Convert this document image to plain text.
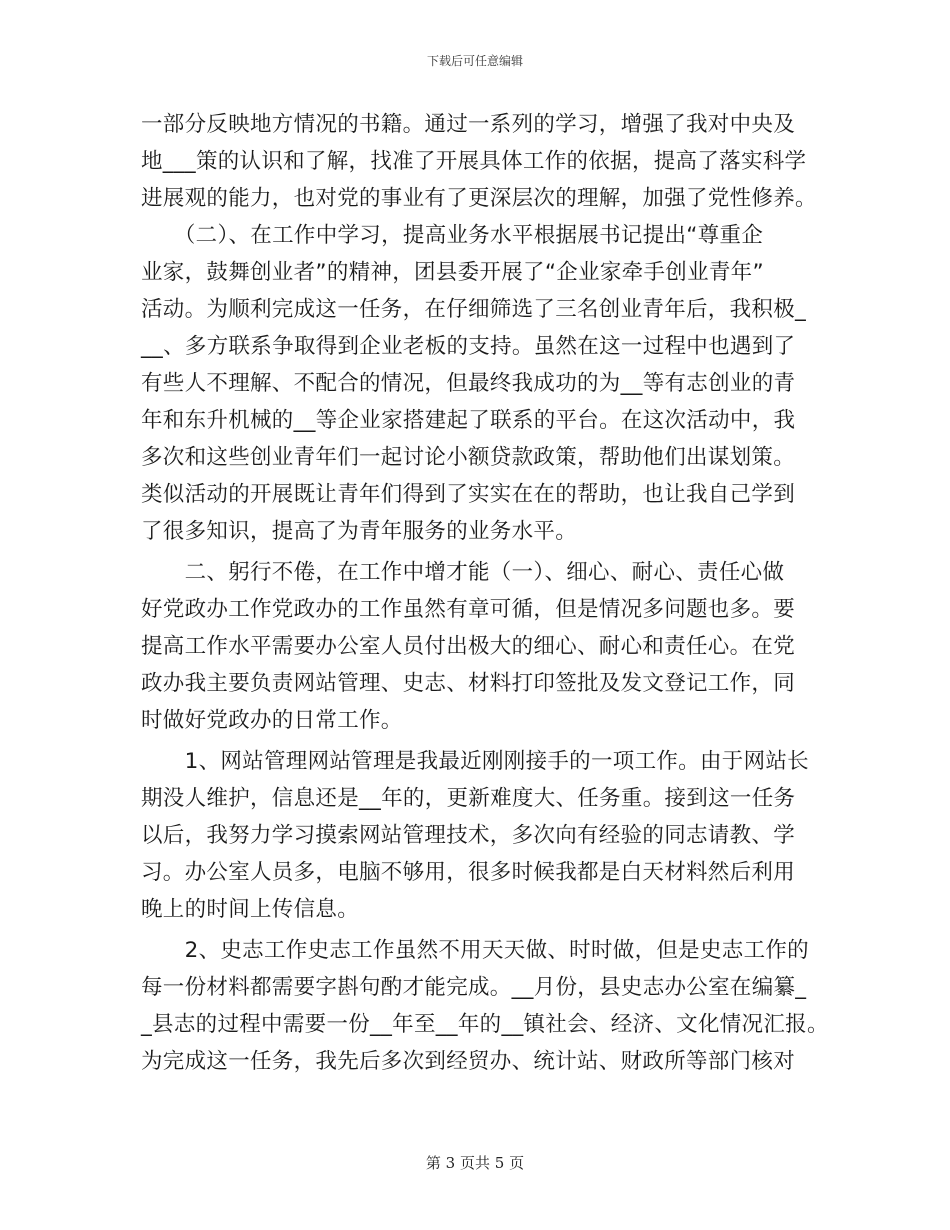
下载后可任意编辑
一部分反映地方情况的书籍。通过一系列的学习，增强了我对中央及
地___策的认识和了解，找准了开展具体工作的依据，提高了落实科学
进展观的能力，也对党的事业有了更深层次的理解，加强了党性修养。
　　（二）、在工作中学习，提高业务水平根据展书记提出“尊重企
业家，鼓舞创业者”的精神，团县委开展了“企业家牵手创业青年”
活动。为顺利完成这一任务，在仔细筛选了三名创业青年后，我积极_
__、多方联系争取得到企业老板的支持。虽然在这一过程中也遇到了
有些人不理解、不配合的情况，但最终我成功的为__等有志创业的青
年和东升机械的__等企业家搭建起了联系的平台。在这次活动中，我
多次和这些创业青年们一起讨论小额贷款政策，帮助他们出谋划策。
类似活动的开展既让青年们得到了实实在在的帮助，也让我自己学到
了很多知识，提高了为青年服务的业务水平。
　　二、躬行不倦，在工作中增才能（一）、细心、耐心、责任心做
好党政办工作党政办的工作虽然有章可循，但是情况多问题也多。要
提高工作水平需要办公室人员付出极大的细心、耐心和责任心。在党
政办我主要负责网站管理、史志、材料打印签批及发文登记工作，同
时做好党政办的日常工作。
　　1、网站管理网站管理是我最近刚刚接手的一项工作。由于网站长
期没人维护，信息还是__年的，更新难度大、任务重。接到这一任务
以后，我努力学习摸索网站管理技术，多次向有经验的同志请教、学
习。办公室人员多，电脑不够用，很多时候我都是白天材料然后利用
晚上的时间上传信息。
　　2、史志工作史志工作虽然不用天天做、时时做，但是史志工作的
每一份材料都需要字斟句酌才能完成。__月份，县史志办公室在编纂_
_县志的过程中需要一份__年至__年的__镇社会、经济、文化情况汇报。
为完成这一任务，我先后多次到经贸办、统计站、财政所等部门核对
第 3 页共 5 页
